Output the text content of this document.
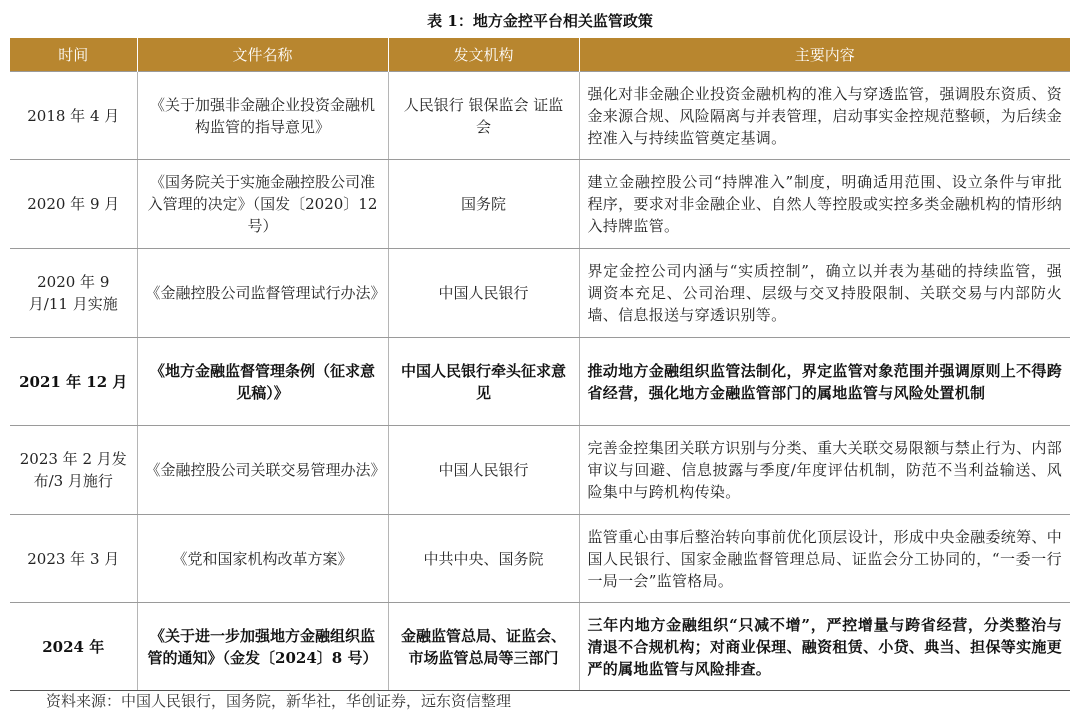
表 1：地方金控平台相关监管政策
时间	文件名称	发文机构	主要内容
2018 年 4 月	《关于加强非金融企业投资金融机构监管的指导意见》	人民银行 银保监会 证监会	强化对非金融企业投资金融机构的准入与穿透监管，强调股东资质、资金来源合规、风险隔离与并表管理，启动事实金控规范整顿，为后续金控准入与持续监管奠定基调。
2020 年 9 月	《国务院关于实施金融控股公司准入管理的决定》（国发〔2020〕12 号）	国务院	建立金融控股公司“持牌准入”制度，明确适用范围、设立条件与审批程序，要求对非金融企业、自然人等控股或实控多类金融机构的情形纳入持牌监管。
2020 年 9 月/11 月实施	《金融控股公司监督管理试行办法》	中国人民银行	界定金控公司内涵与“实质控制”，确立以并表为基础的持续监管，强调资本充足、公司治理、层级与交叉持股限制、关联交易与内部防火墙、信息报送与穿透识别等。
2021 年 12 月	《地方金融监督管理条例（征求意见稿）》	中国人民银行牵头征求意见	推动地方金融组织监管法制化，界定监管对象范围并强调原则上不得跨省经营，强化地方金融监管部门的属地监管与风险处置机制
2023 年 2 月发布/3 月施行	《金融控股公司关联交易管理办法》	中国人民银行	完善金控集团关联方识别与分类、重大关联交易限额与禁止行为、内部审议与回避、信息披露与季度/年度评估机制，防范不当利益输送、风险集中与跨机构传染。
2023 年 3 月	《党和国家机构改革方案》	中共中央、国务院	监管重心由事后整治转向事前优化顶层设计，形成中央金融委统筹、中国人民银行、国家金融监督管理总局、证监会分工协同的，“一委一行一局一会”监管格局。
2024 年	《关于进一步加强地方金融组织监管的通知》（金发〔2024〕8 号）	金融监管总局、证监会、市场监管总局等三部门	三年内地方金融组织“只减不增”，严控增量与跨省经营，分类整治与清退不合规机构；对商业保理、融资租赁、小贷、典当、担保等实施更严的属地监管与风险排查。
资料来源：中国人民银行，国务院，新华社，华创证券，远东资信整理
